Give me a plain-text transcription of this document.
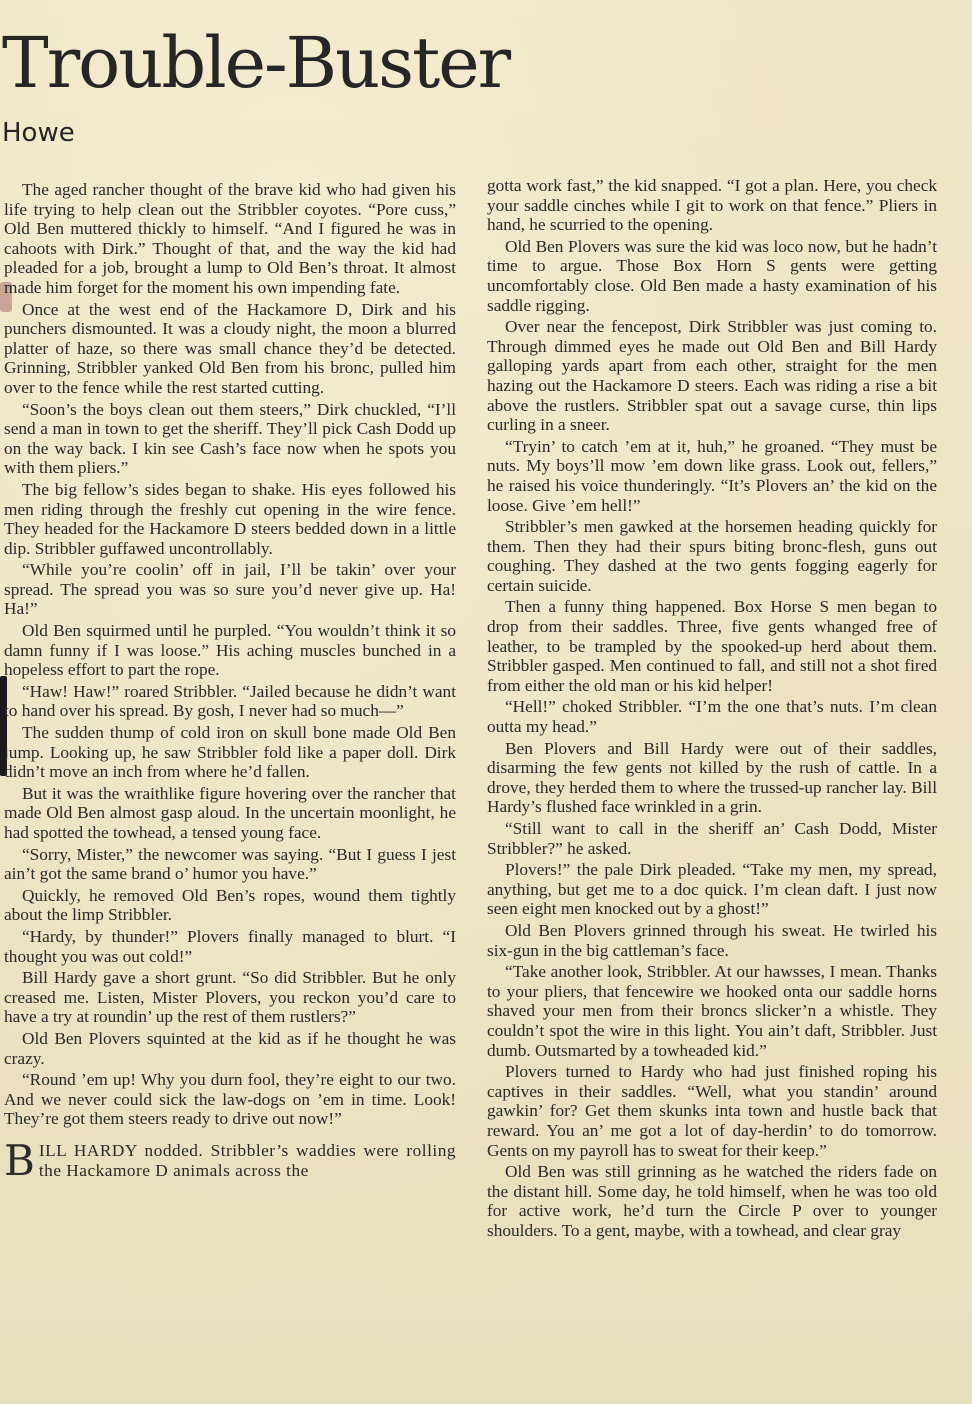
Trouble-Buster
Howe

The aged rancher thought of the brave kid who had given his life trying to help clean out the Stribbler coyotes. “Pore cuss,” Old Ben muttered thickly to himself. “And I figured he was in cahoots with Dirk.” Thought of that, and the way the kid had pleaded for a job, brought a lump to Old Ben’s throat. It almost made him forget for the moment his own impending fate.

Once at the west end of the Hackamore D, Dirk and his punchers dismounted. It was a cloudy night, the moon a blurred platter of haze, so there was small chance they’d be detected. Grinning, Stribbler yanked Old Ben from his bronc, pulled him over to the fence while the rest started cutting.

“Soon’s the boys clean out them steers,” Dirk chuckled, “I’ll send a man in town to get the sheriff. They’ll pick Cash Dodd up on the way back. I kin see Cash’s face now when he spots you with them pliers.”

The big fellow’s sides began to shake. His eyes followed his men riding through the freshly cut opening in the wire fence. They headed for the Hackamore D steers bedded down in a little dip. Stribbler guffawed uncontrollably.

“While you’re coolin’ off in jail, I’ll be takin’ over your spread. The spread you was so sure you’d never give up. Ha! Ha!”

Old Ben squirmed until he purpled. “You wouldn’t think it so damn funny if I was loose.” His aching muscles bunched in a hopeless effort to part the rope.

“Haw! Haw!” roared Stribbler. “Jailed because he didn’t want to hand over his spread. By gosh, I never had so much—”

The sudden thump of cold iron on skull bone made Old Ben jump. Looking up, he saw Stribbler fold like a paper doll. Dirk didn’t move an inch from where he’d fallen.

But it was the wraithlike figure hovering over the rancher that made Old Ben almost gasp aloud. In the uncertain moonlight, he had spotted the towhead, a tensed young face.

“Sorry, Mister,” the newcomer was saying. “But I guess I jest ain’t got the same brand o’ humor you have.”

Quickly, he removed Old Ben’s ropes, wound them tightly about the limp Stribbler.

“Hardy, by thunder!” Plovers finally managed to blurt. “I thought you was out cold!”

Bill Hardy gave a short grunt. “So did Stribbler. But he only creased me. Listen, Mister Plovers, you reckon you’d care to have a try at roundin’ up the rest of them rustlers?”

Old Ben Plovers squinted at the kid as if he thought he was crazy.

“Round ’em up! Why you durn fool, they’re eight to our two. And we never could sick the law-dogs on ’em in time. Look! They’re got them steers ready to drive out now!”

BILL HARDY nodded. Stribbler’s waddies were rolling the Hackamore D animals across the

gotta work fast,” the kid snapped. “I got a plan. Here, you check your saddle cinches while I git to work on that fence.” Pliers in hand, he scurried to the opening.

Old Ben Plovers was sure the kid was loco now, but he hadn’t time to argue. Those Box Horn S gents were getting uncomfortably close. Old Ben made a hasty examination of his saddle rigging.

Over near the fencepost, Dirk Stribbler was just coming to. Through dimmed eyes he made out Old Ben and Bill Hardy galloping yards apart from each other, straight for the men hazing out the Hackamore D steers. Each was riding a rise a bit above the rustlers. Stribbler spat out a savage curse, thin lips curling in a sneer.

“Tryin’ to catch ’em at it, huh,” he groaned. “They must be nuts. My boys’ll mow ’em down like grass. Look out, fellers,” he raised his voice thunderingly. “It’s Plovers an’ the kid on the loose. Give ’em hell!”

Stribbler’s men gawked at the horsemen heading quickly for them. Then they had their spurs biting bronc-flesh, guns out coughing. They dashed at the two gents fogging eagerly for certain suicide.

Then a funny thing happened. Box Horse S men began to drop from their saddles. Three, five gents whanged free of leather, to be trampled by the spooked-up herd about them. Stribbler gasped. Men continued to fall, and still not a shot fired from either the old man or his kid helper!

“Hell!” choked Stribbler. “I’m the one that’s nuts. I’m clean outta my head.”

Ben Plovers and Bill Hardy were out of their saddles, disarming the few gents not killed by the rush of cattle. In a drove, they herded them to where the trussed-up rancher lay. Bill Hardy’s flushed face wrinkled in a grin.

“Still want to call in the sheriff an’ Cash Dodd, Mister Stribbler?” he asked.

Plovers!” the pale Dirk pleaded. “Take my men, my spread, anything, but get me to a doc quick. I’m clean daft. I just now seen eight men knocked out by a ghost!”

Old Ben Plovers grinned through his sweat. He twirled his six-gun in the big cattleman’s face.

“Take another look, Stribbler. At our hawsses, I mean. Thanks to your pliers, that fencewire we hooked onta our saddle horns shaved your men from their broncs slicker’n a whistle. They couldn’t spot the wire in this light. You ain’t daft, Stribbler. Just dumb. Outsmarted by a towheaded kid.”

Plovers turned to Hardy who had just finished roping his captives in their saddles. “Well, what you standin’ around gawkin’ for? Get them skunks inta town and hustle back that reward. You an’ me got a lot of day-herdin’ to do tomorrow. Gents on my payroll has to sweat for their keep.”

Old Ben was still grinning as he watched the riders fade on the distant hill. Some day, he told himself, when he was too old for active work, he’d turn the Circle P over to younger shoulders. To a gent, maybe, with a towhead, and clear gray
